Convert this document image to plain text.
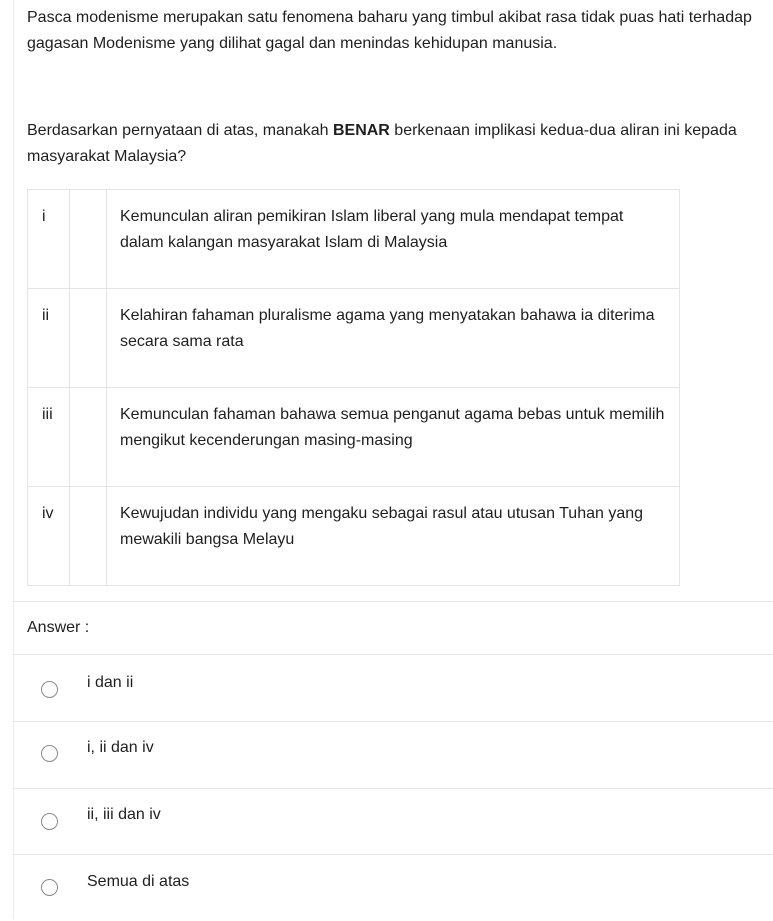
Pasca modenisme merupakan satu fenomena baharu yang timbul akibat rasa tidak puas hati terhadap gagasan Modenisme yang dilihat gagal dan menindas kehidupan manusia.

Berdasarkan pernyataan di atas, manakah BENAR berkenaan implikasi kedua-dua aliran ini kepada masyarakat Malaysia?

i		Kemunculan aliran pemikiran Islam liberal yang mula mendapat tempat dalam kalangan masyarakat Islam di Malaysia
ii		Kelahiran fahaman pluralisme agama yang menyatakan bahawa ia diterima secara sama rata
iii		Kemunculan fahaman bahawa semua penganut agama bebas untuk memilih mengikut kecenderungan masing-masing
iv		Kewujudan individu yang mengaku sebagai rasul atau utusan Tuhan yang mewakili bangsa Melayu
Answer :
i dan ii
i, ii dan iv
ii, iii dan iv
Semua di atas
